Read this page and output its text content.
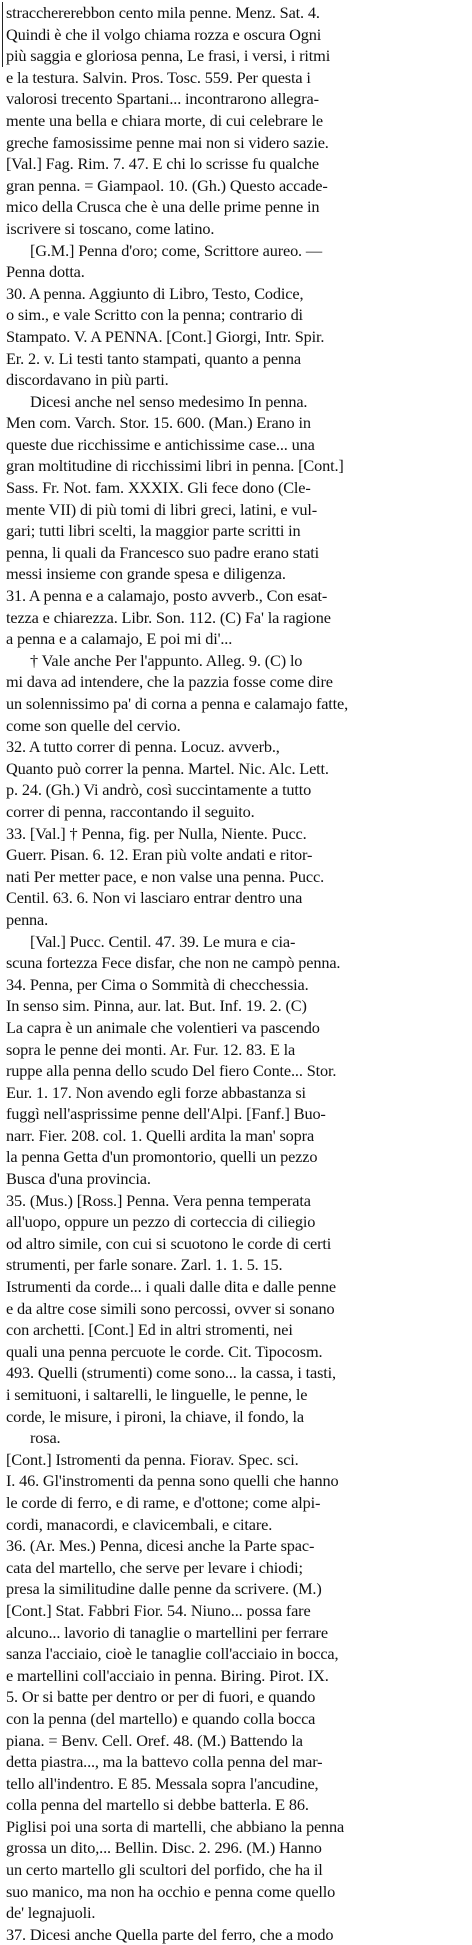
stracchererebbon cento mila penne. Menz. Sat. 4.
Quindi è che il volgo chiama rozza e oscura Ogni
più saggia e gloriosa penna, Le frasi, i versi, i ritmi
e la testura. Salvin. Pros. Tosc. 559. Per questa i
valorosi trecento Spartani... incontrarono allegra-
mente una bella e chiara morte, di cui celebrare le
greche famosissime penne mai non si videro sazie.
[Val.] Fag. Rim. 7. 47. E chi lo scrisse fu qualche
gran penna. = Giampaol. 10. (Gh.) Questo accade-
mico della Crusca che è una delle prime penne in
iscrivere si toscano, come latino.
[G.M.] Penna d'oro; come, Scrittore aureo. —
Penna dotta.
30. A penna. Aggiunto di Libro, Testo, Codice,
o sim., e vale Scritto con la penna; contrario di
Stampato. V. A PENNA. [Cont.] Giorgi, Intr. Spir.
Er. 2. v. Li testi tanto stampati, quanto a penna
discordavano in più parti.
Dicesi anche nel senso medesimo In penna.
Men com. Varch. Stor. 15. 600. (Man.) Erano in
queste due ricchissime e antichissime case... una
gran moltitudine di ricchissimi libri in penna. [Cont.]
Sass. Fr. Not. fam. XXXIX. Gli fece dono (Cle-
mente VII) di più tomi di libri greci, latini, e vul-
gari; tutti libri scelti, la maggior parte scritti in
penna, li quali da Francesco suo padre erano stati
messi insieme con grande spesa e diligenza.
31. A penna e a calamajo, posto avverb., Con esat-
tezza e chiarezza. Libr. Son. 112. (C) Fa' la ragione
a penna e a calamajo, E poi mi di'...
† Vale anche Per l'appunto. Alleg. 9. (C) lo
mi dava ad intendere, che la pazzia fosse come dire
un solennissimo pa' di corna a penna e calamajo fatte,
come son quelle del cervio.
32. A tutto correr di penna. Locuz. avverb.,
Quanto può correr la penna. Martel. Nic. Alc. Lett.
p. 24. (Gh.) Vi andrò, così succintamente a tutto
correr di penna, raccontando il seguito.
33. [Val.] † Penna, fig. per Nulla, Niente. Pucc.
Guerr. Pisan. 6. 12. Eran più volte andati e ritor-
nati Per metter pace, e non valse una penna. Pucc.
Centil. 63. 6. Non vi lasciaro entrar dentro una
penna.
[Val.] Pucc. Centil. 47. 39. Le mura e cia-
scuna fortezza Fece disfar, che non ne campò penna.
34. Penna, per Cima o Sommità di checchessia.
In senso sim. Pinna, aur. lat. But. Inf. 19. 2. (C)
La capra è un animale che volentieri va pascendo
sopra le penne dei monti. Ar. Fur. 12. 83. E la
ruppe alla penna dello scudo Del fiero Conte... Stor.
Eur. 1. 17. Non avendo egli forze abbastanza si
fuggì nell'asprissime penne dell'Alpi. [Fanf.] Buo-
narr. Fier. 208. col. 1. Quelli ardita la man' sopra
la penna Getta d'un promontorio, quelli un pezzo
Busca d'una provincia.
35. (Mus.) [Ross.] Penna. Vera penna temperata
all'uopo, oppure un pezzo di corteccia di ciliegio
od altro simile, con cui si scuotono le corde di certi
strumenti, per farle sonare. Zarl. 1. 1. 5. 15.
Istrumenti da corde... i quali dalle dita e dalle penne
e da altre cose simili sono percossi, ovver si sonano
con archetti. [Cont.] Ed in altri stromenti, nei
quali una penna percuote le corde. Cit. Tipocosm.
493. Quelli (strumenti) come sono... la cassa, i tasti,
i semituoni, i saltarelli, le linguelle, le penne, le
corde, le misure, i pironi, la chiave, il fondo, la
rosa.
[Cont.] Istromenti da penna. Fiorav. Spec. sci.
I. 46. Gl'instromenti da penna sono quelli che hanno
le corde di ferro, e di rame, e d'ottone; come alpi-
cordi, manacordi, e clavicembali, e citare.
36. (Ar. Mes.) Penna, dicesi anche la Parte spac-
cata del martello, che serve per levare i chiodi;
presa la similitudine dalle penne da scrivere. (M.)
[Cont.] Stat. Fabbri Fior. 54. Niuno... possa fare
alcuno... lavorio di tanaglie o martellini per ferrare
sanza l'acciaio, cioè le tanaglie coll'acciaio in bocca,
e martellini coll'acciaio in penna. Biring. Pirot. IX.
5. Or si batte per dentro or per di fuori, e quando
con la penna (del martello) e quando colla bocca
piana. = Benv. Cell. Oref. 48. (M.) Battendo la
detta piastra..., ma la battevo colla penna del mar-
tello all'indentro. E 85. Messala sopra l'ancudine,
colla penna del martello si debbe batterla. E 86.
Piglisi poi una sorta di martelli, che abbiano la penna
grossa un dito,... Bellin. Disc. 2. 296. (M.) Hanno
un certo martello gli scultori del porfido, che ha il
suo manico, ma non ha occhio e penna come quello
de' legnajuoli.
37. Dicesi anche Quella parte del ferro, che a modo
